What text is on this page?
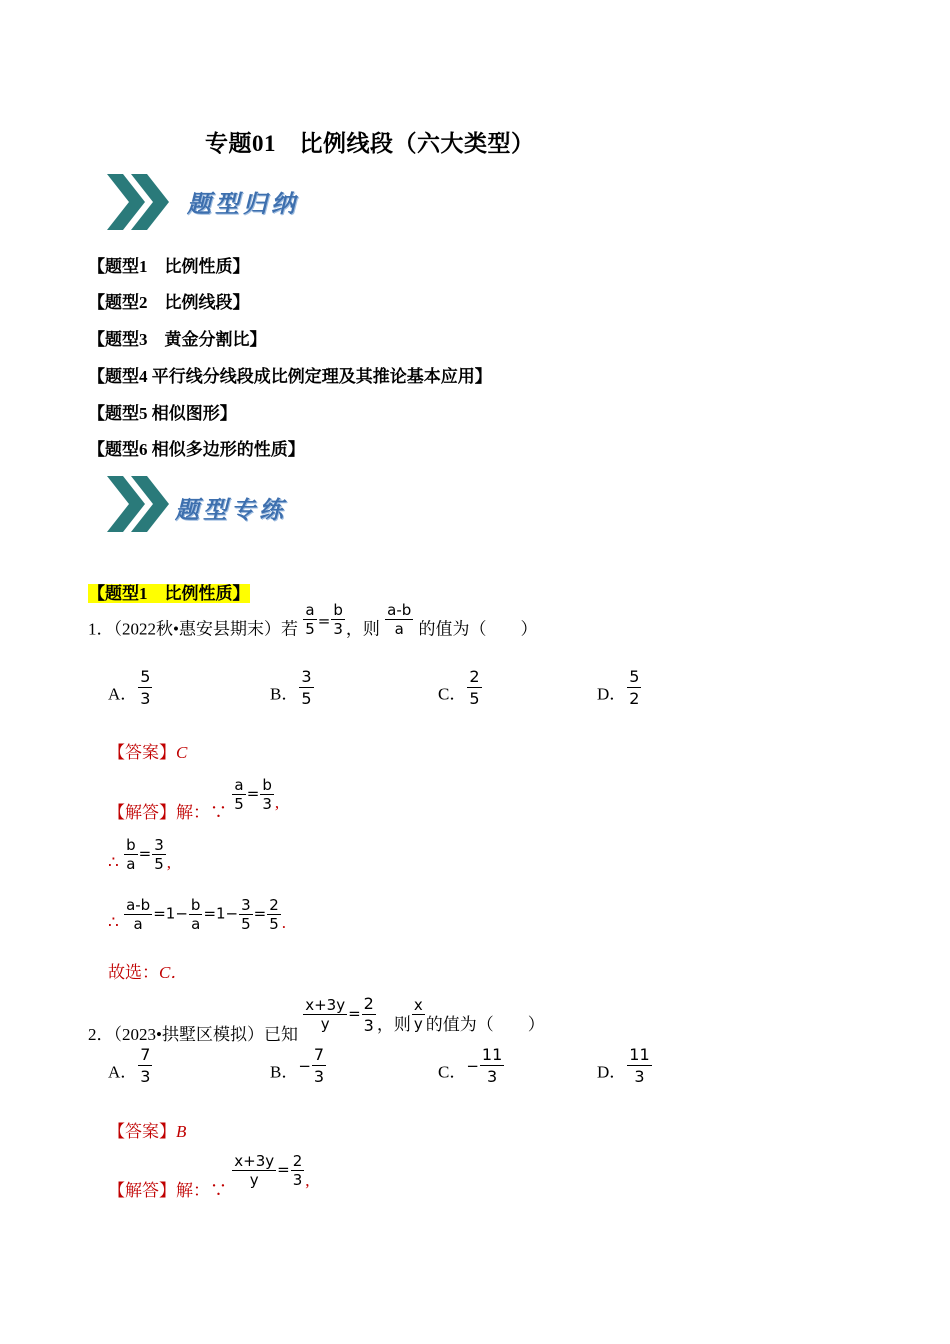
专题01　比例线段（六大类型）
题型归纳
【题型1　比例性质】
【题型2　比例线段】
【题型3　黄金分割比】
【题型4 平行线分线段成比例定理及其推论基本应用】
【题型5 相似图形】
【题型6 相似多边形的性质】
题型专练
【题型1　比例性质】
1．（2022秋•惠安县期末）若 $\frac{a}{5} = \frac{b}{3}$ ，则 $\frac{a-b}{a}$ 的值为（　　）
A． $\frac{5}{3}$	B． $\frac{3}{5}$	C． $\frac{2}{5}$	D． $\frac{5}{2}$
【答案】C
【解答】解：∵ $\frac{a}{5} = \frac{b}{3}$ ,
∴ $\frac{b}{a} = \frac{3}{5}$ ,
∴ $\frac{a-b}{a} =1- \frac{b}{a} =1- \frac{3}{5} = \frac{2}{5}$ .
故选：C．
2．（2023•拱墅区模拟）已知
$\frac{x+3y}{y} = \frac{2}{3}$ ，则 $\frac{x}{y}$ 的值为（　　）
A． $\frac{7}{3}$	B．− $\frac{7}{3}$	C．− $\frac{11}{3}$	D． $\frac{11}{3}$
【答案】B
【解答】解：∵
$\frac{x+3y}{y} = \frac{2}{3}$ ,
